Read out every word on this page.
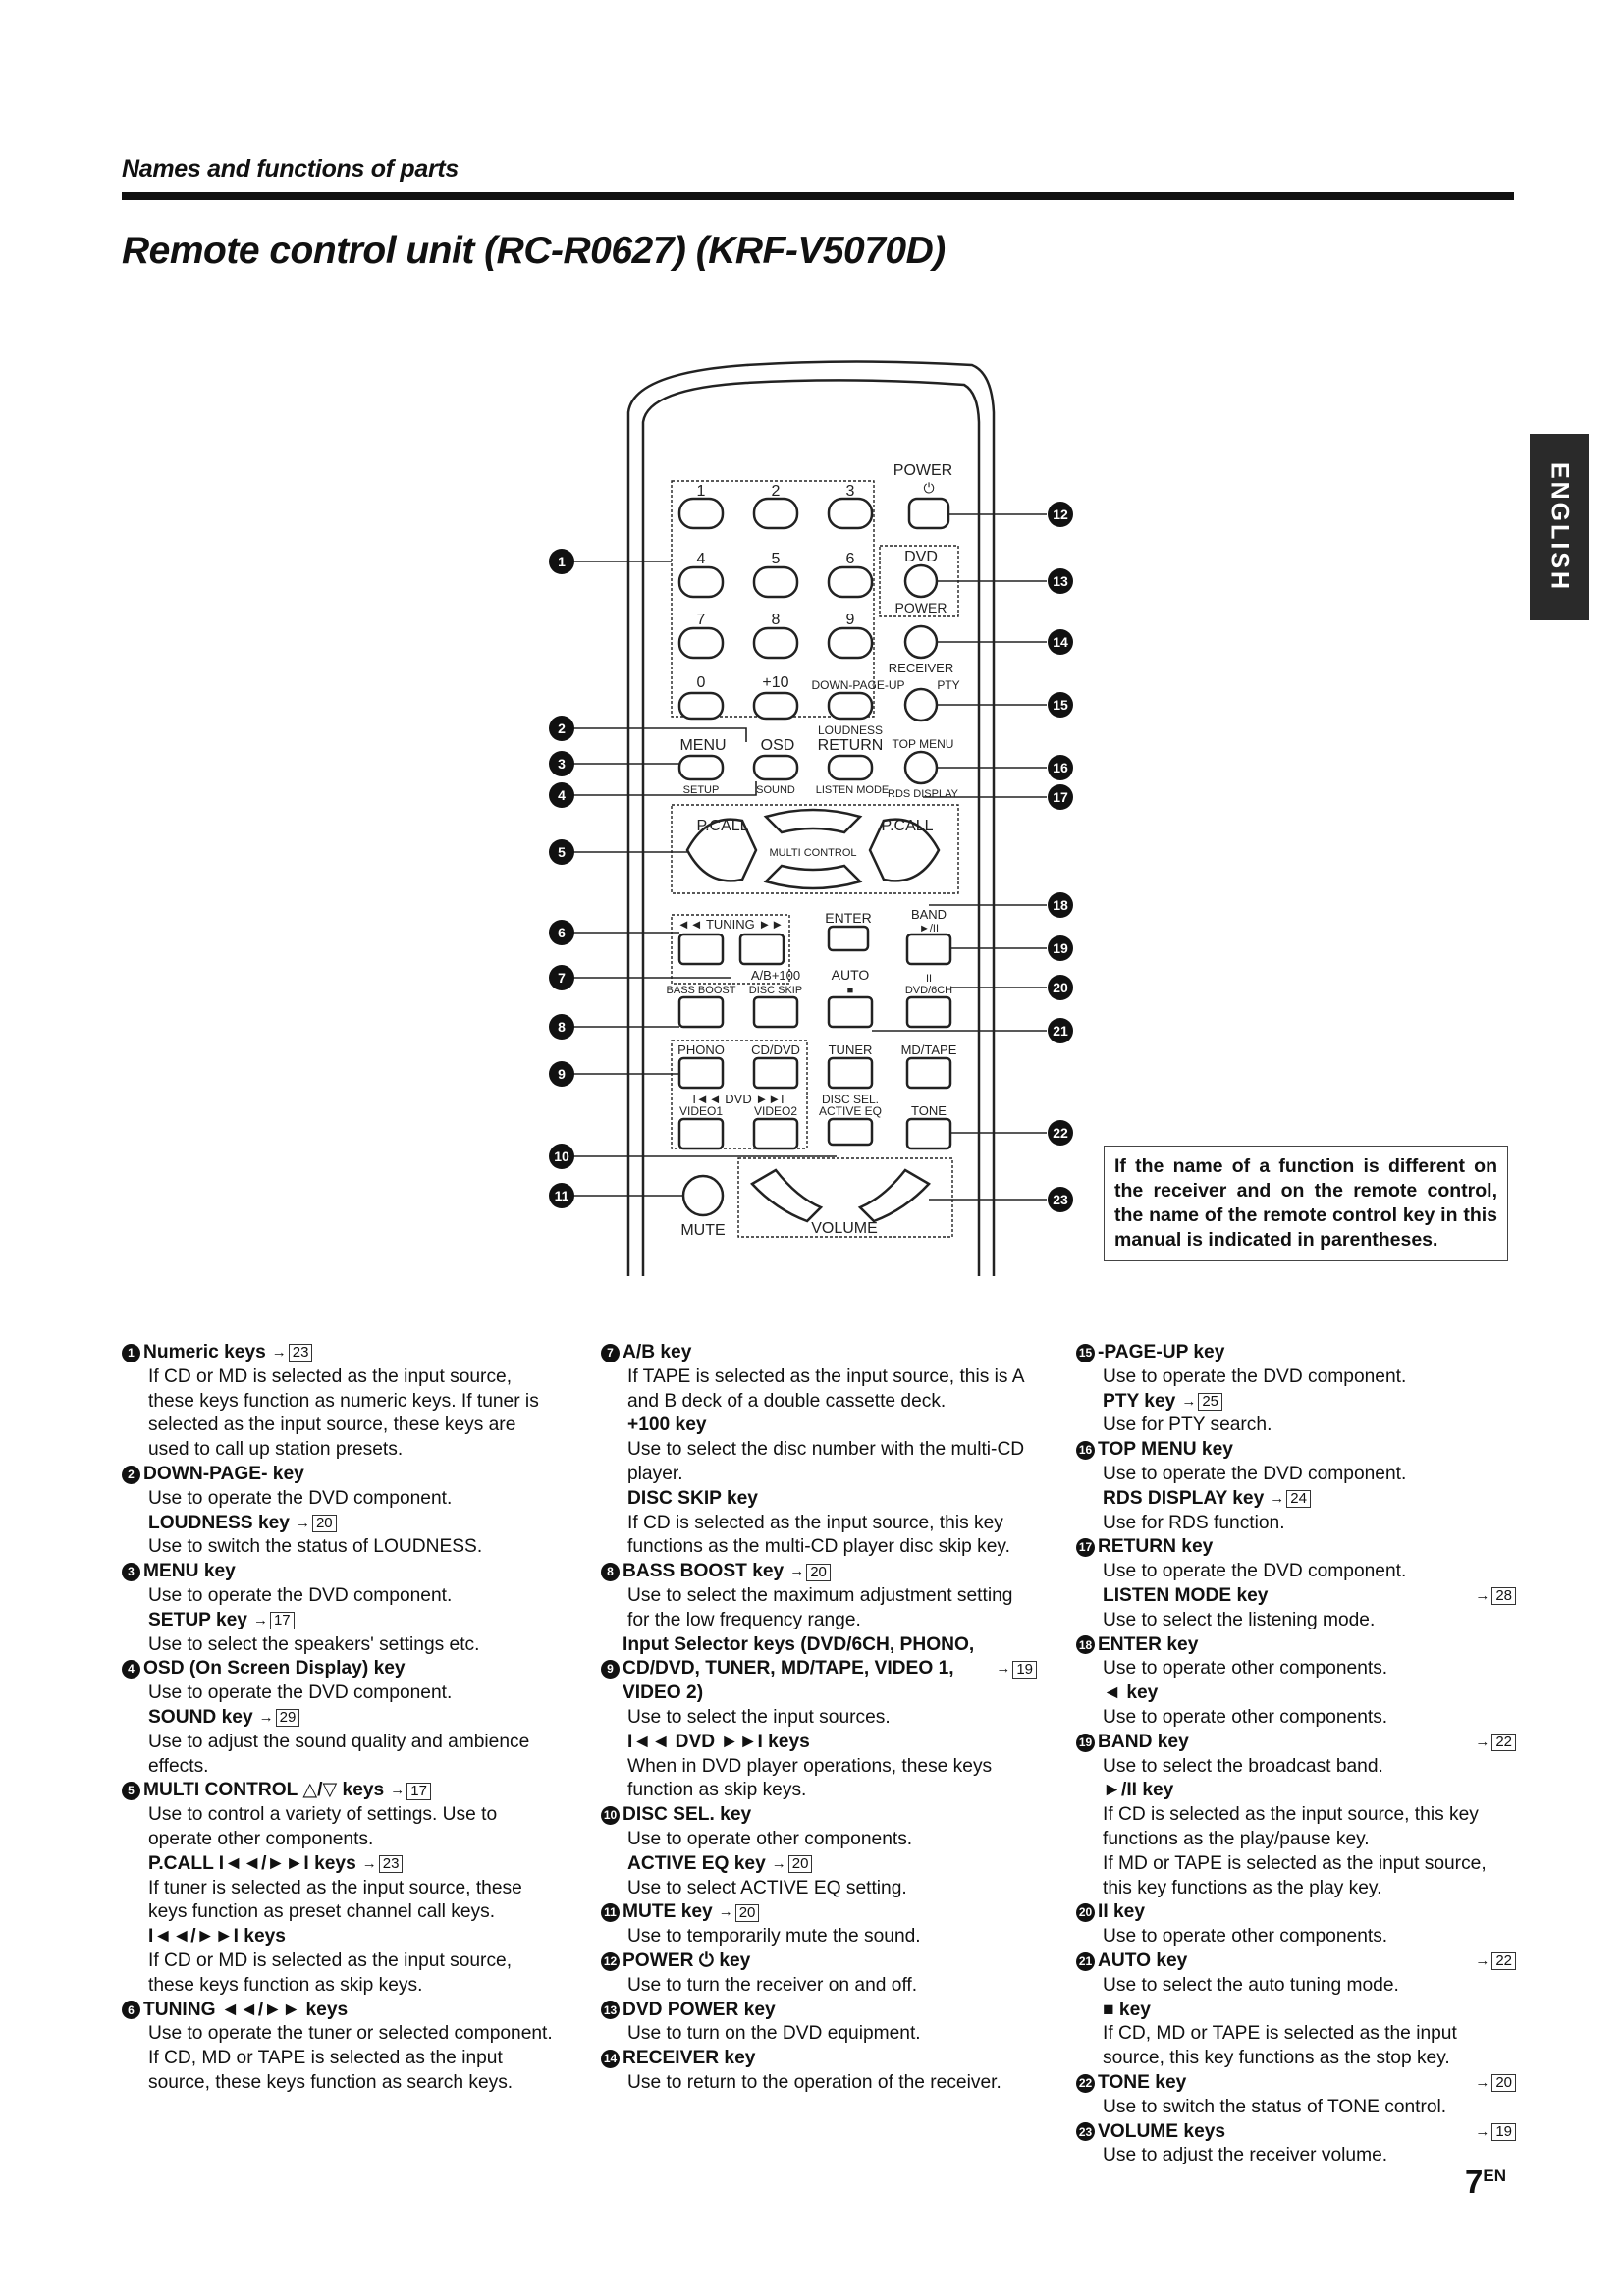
Names and functions of parts
Remote control unit (RC-R0627) (KRF-V5070D)
ENGLISH
POWER
⏻
1	2	3
4	5	6	DVD
POWER
7	8	9
RECEIVER
0	+10 DOWN-PAGE-UP	PTY
LOUDNESS
MENU OSD RETURN TOP MENU
SETUP	SOUND LISTEN MODE
RDS DISPLAY
P.CALL	P.CALL
MULTI CONTROL
◄◄ TUNING ►►	ENTER	BAND
►/II
A/B+100 AUTO
BASS BOOST DISC SKIP	■
II
DVD/6CH
PHONO CD/DVD TUNER MD/TAPE
I◄◄ DVD ►►I
VIDEO1	VIDEO2
DISC SEL.
ACTIVE EQ TONE
MUTE	VOLUME
1
2
3
4
5
6
7
8
9
10
11
12
13
14
15
16
17
18
19
20
21
22
23
If the name of a function is different on the receiver and on the remote control, the name of the remote control key in this manual is indicated in parentheses.
1 Numeric keys → 23
If CD or MD is selected as the input source, these keys function as numeric keys. If tuner is selected as the input source, these keys are used to call up station presets.
2 DOWN-PAGE- key
Use to operate the DVD component.
LOUDNESS key → 20
Use to switch the status of LOUDNESS.
3 MENU key
Use to operate the DVD component.
SETUP key → 17
Use to select the speakers' settings etc.
4 OSD (On Screen Display) key
Use to operate the DVD component.
SOUND key → 29
Use to adjust the sound quality and ambience effects.
5 MULTI CONTROL △/▽ keys → 17
Use to control a variety of settings. Use to operate other components.
P.CALL I◄◄/►►I keys → 23
If tuner is selected as the input source, these keys function as preset channel call keys.
I◄◄/►►I keys
If CD or MD is selected as the input source, these keys function as skip keys.
6 TUNING ◄◄/►► keys
Use to operate the tuner or selected component.
If CD, MD or TAPE is selected as the input source, these keys function as search keys.
7 A/B key
If TAPE is selected as the input source, this is A and B deck of a double cassette deck.
+100 key
Use to select the disc number with the multi-CD player.
DISC SKIP key
If CD is selected as the input source, this key functions as the multi-CD player disc skip key.
8 BASS BOOST key → 20
Use to select the maximum adjustment setting for the low frequency range.
9
Input Selector keys (DVD/6CH, PHONO, CD/DVD, TUNER, MD/TAPE, VIDEO 1, VIDEO 2)
→ 19
Use to select the input sources.
I◄◄ DVD ►►I keys
When in DVD player operations, these keys function as skip keys.
10 DISC SEL. key
Use to operate other components.
ACTIVE EQ key → 20
Use to select ACTIVE EQ setting.
11 MUTE key → 20
Use to temporarily mute the sound.
12 POWER ⏻ key
Use to turn the receiver on and off.
13 DVD POWER key
Use to turn on the DVD equipment.
14 RECEIVER key
Use to return to the operation of the receiver.
15 -PAGE-UP key
Use to operate the DVD component.
PTY key → 25
Use for PTY search.
16 TOP MENU key
Use to operate the DVD component.
RDS DISPLAY key → 24
Use for RDS function.
17 RETURN key
Use to operate the DVD component.
LISTEN MODE key	→ 28
Use to select the listening mode.
18 ENTER key
Use to operate other components.
◄ key
Use to operate other components.
19 BAND key	→ 22
Use to select the broadcast band.
►/II key
If CD is selected as the input source, this key functions as the play/pause key.
If MD or TAPE is selected as the input source, this key functions as the play key.
20 II key
Use to operate other components.
21 AUTO key	→ 22
Use to select the auto tuning mode.
■ key
If CD, MD or TAPE is selected as the input source, this key functions as the stop key.
22 TONE key	→ 20
Use to switch the status of TONE control.
23 VOLUME keys	→ 19
Use to adjust the receiver volume.
$7^{EN}$
